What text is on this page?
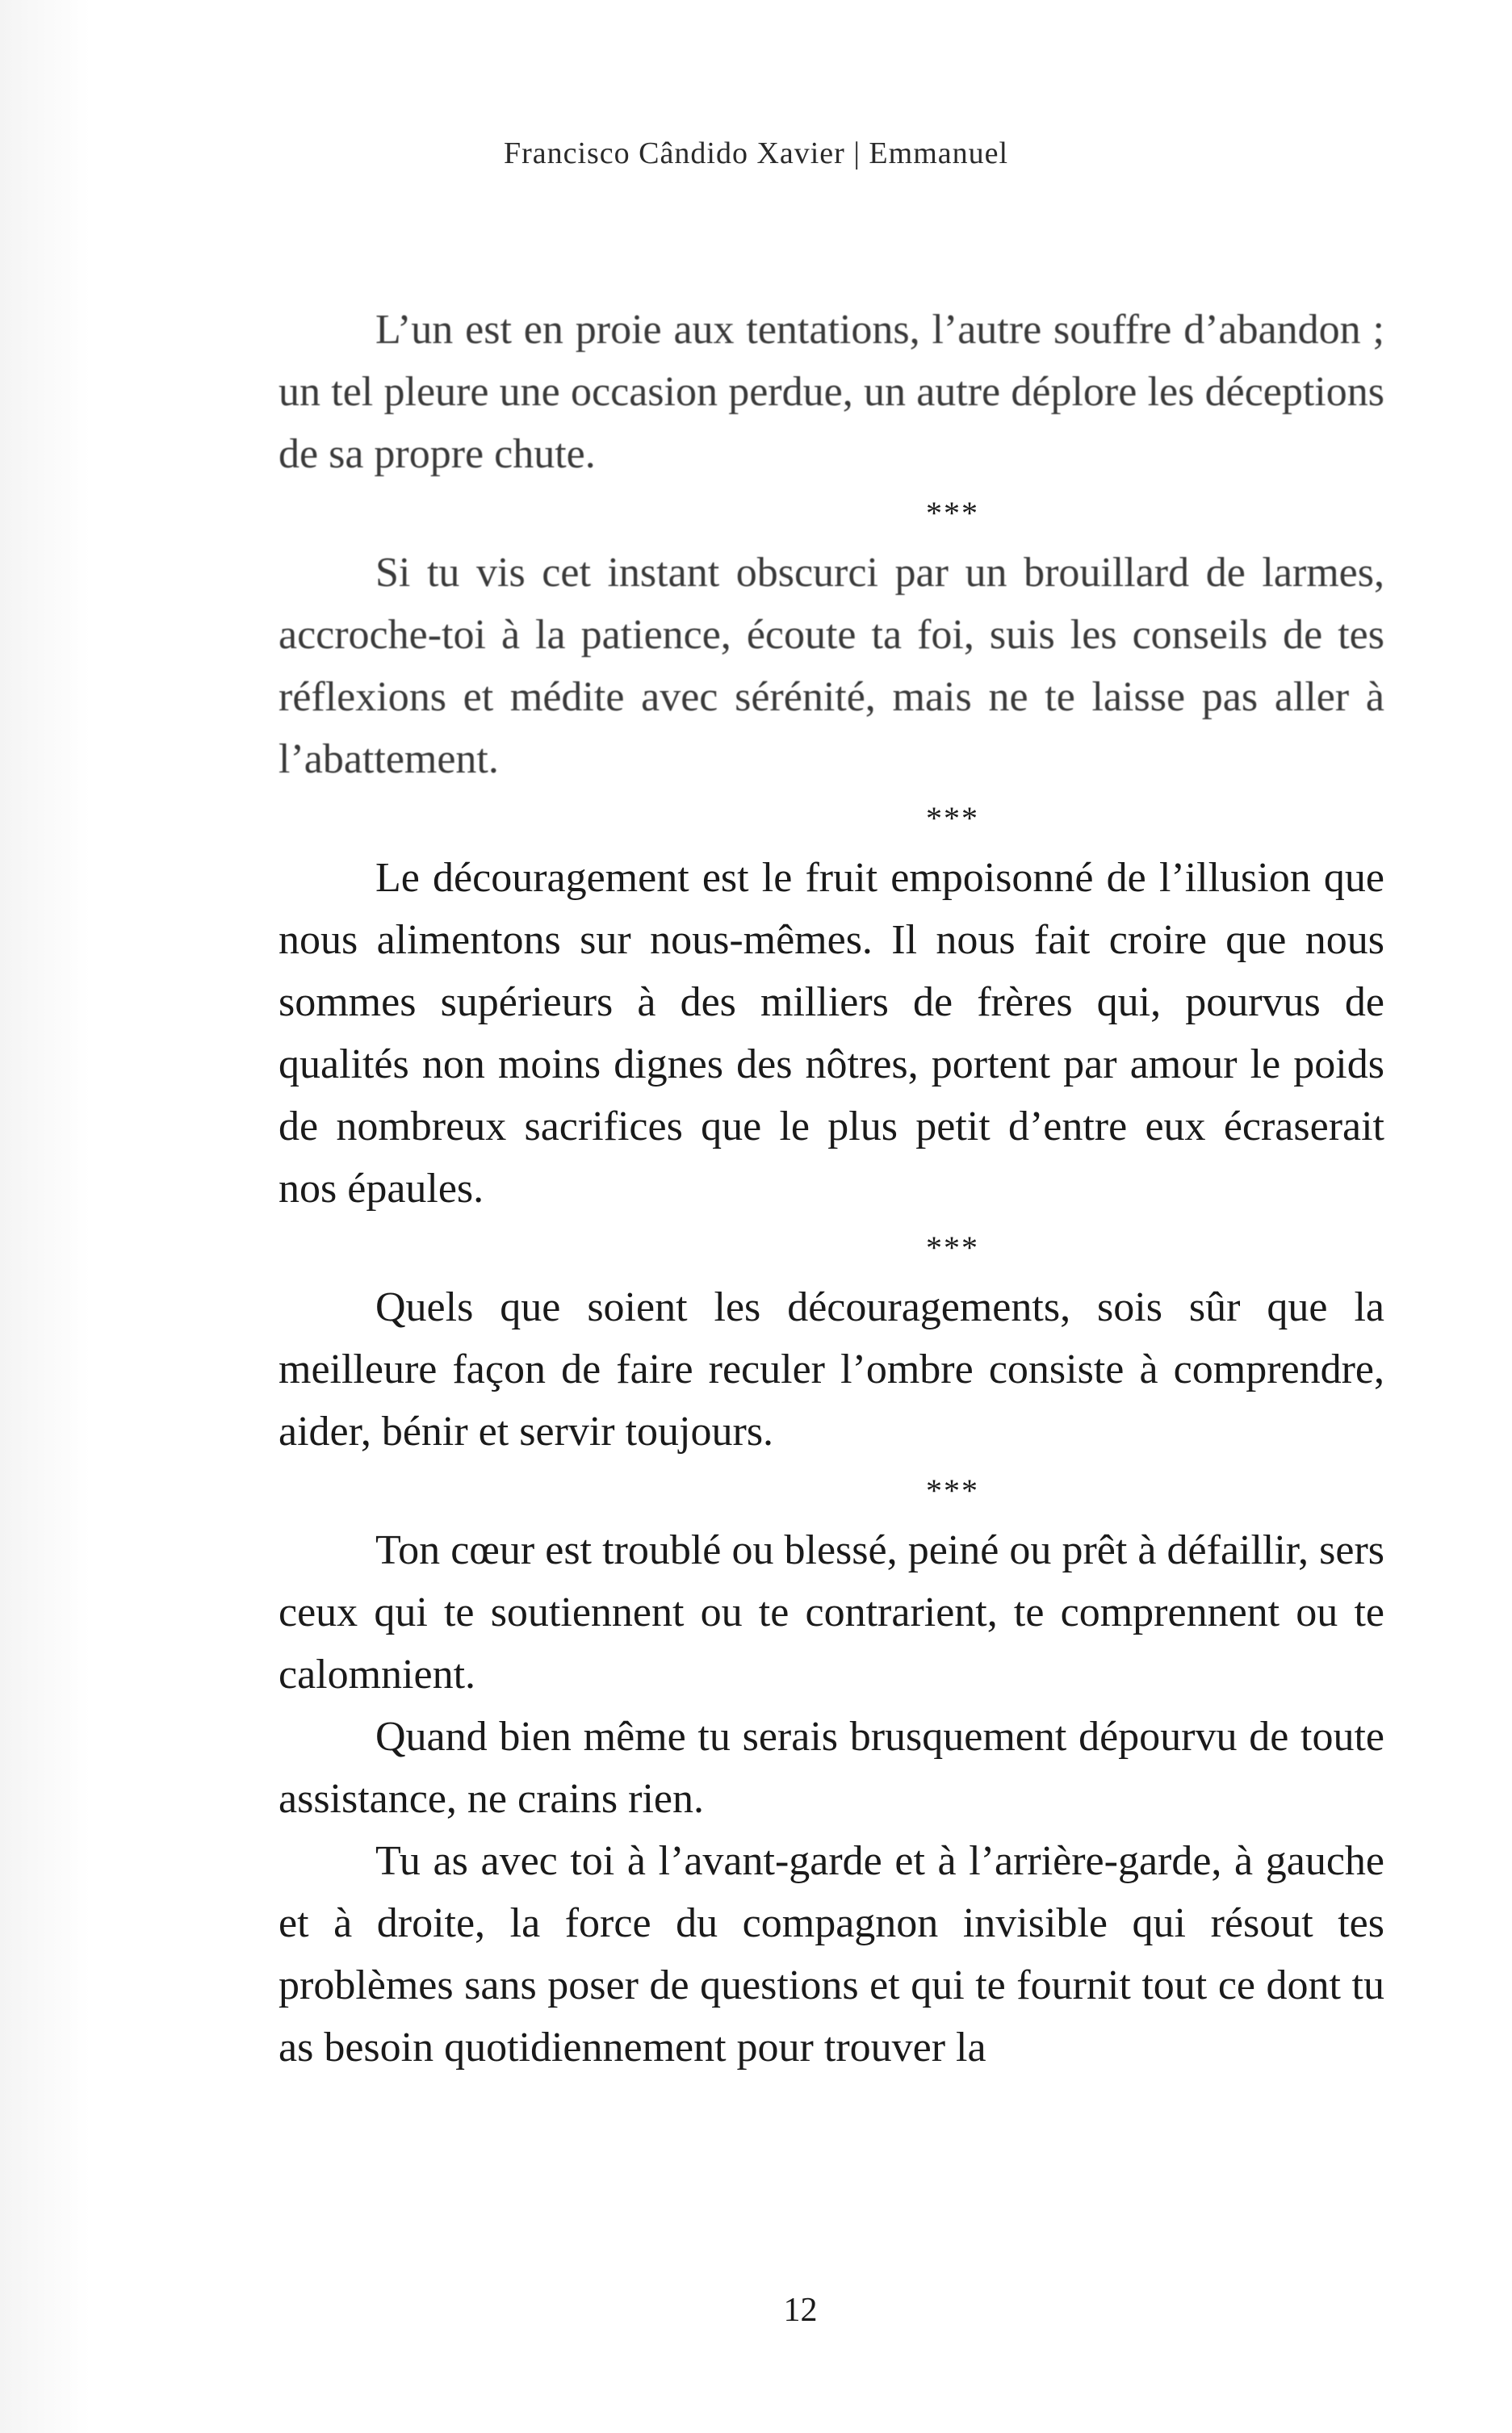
Francisco Cândido Xavier | Emmanuel

L’un est en proie aux tentations, l’autre souffre d’abandon ; un tel pleure une occasion perdue, un autre déplore les déceptions de sa propre chute.

***

Si tu vis cet instant obscurci par un brouillard de larmes, accroche-toi à la patience, écoute ta foi, suis les conseils de tes réflexions et médite avec sérénité, mais ne te laisse pas aller à l’abattement.

***

Le découragement est le fruit empoisonné de l’illusion que nous alimentons sur nous-mêmes. Il nous fait croire que nous sommes supérieurs à des milliers de frères qui, pourvus de qualités non moins dignes des nôtres, portent par amour le poids de nombreux sacrifices que le plus petit d’entre eux écraserait nos épaules.

***

Quels que soient les découragements, sois sûr que la meilleure façon de faire reculer l’ombre consiste à comprendre, aider, bénir et servir toujours.

***

Ton cœur est troublé ou blessé, peiné ou prêt à défaillir, sers ceux qui te soutiennent ou te contrarient, te comprennent ou te calomnient.

Quand bien même tu serais brusquement dépourvu de toute assistance, ne crains rien.

Tu as avec toi à l’avant-garde et à l’arrière-garde, à gauche et à droite, la force du compagnon invisible qui résout tes problèmes sans poser de questions et qui te fournit tout ce dont tu as besoin quotidiennement pour trouver la

12
